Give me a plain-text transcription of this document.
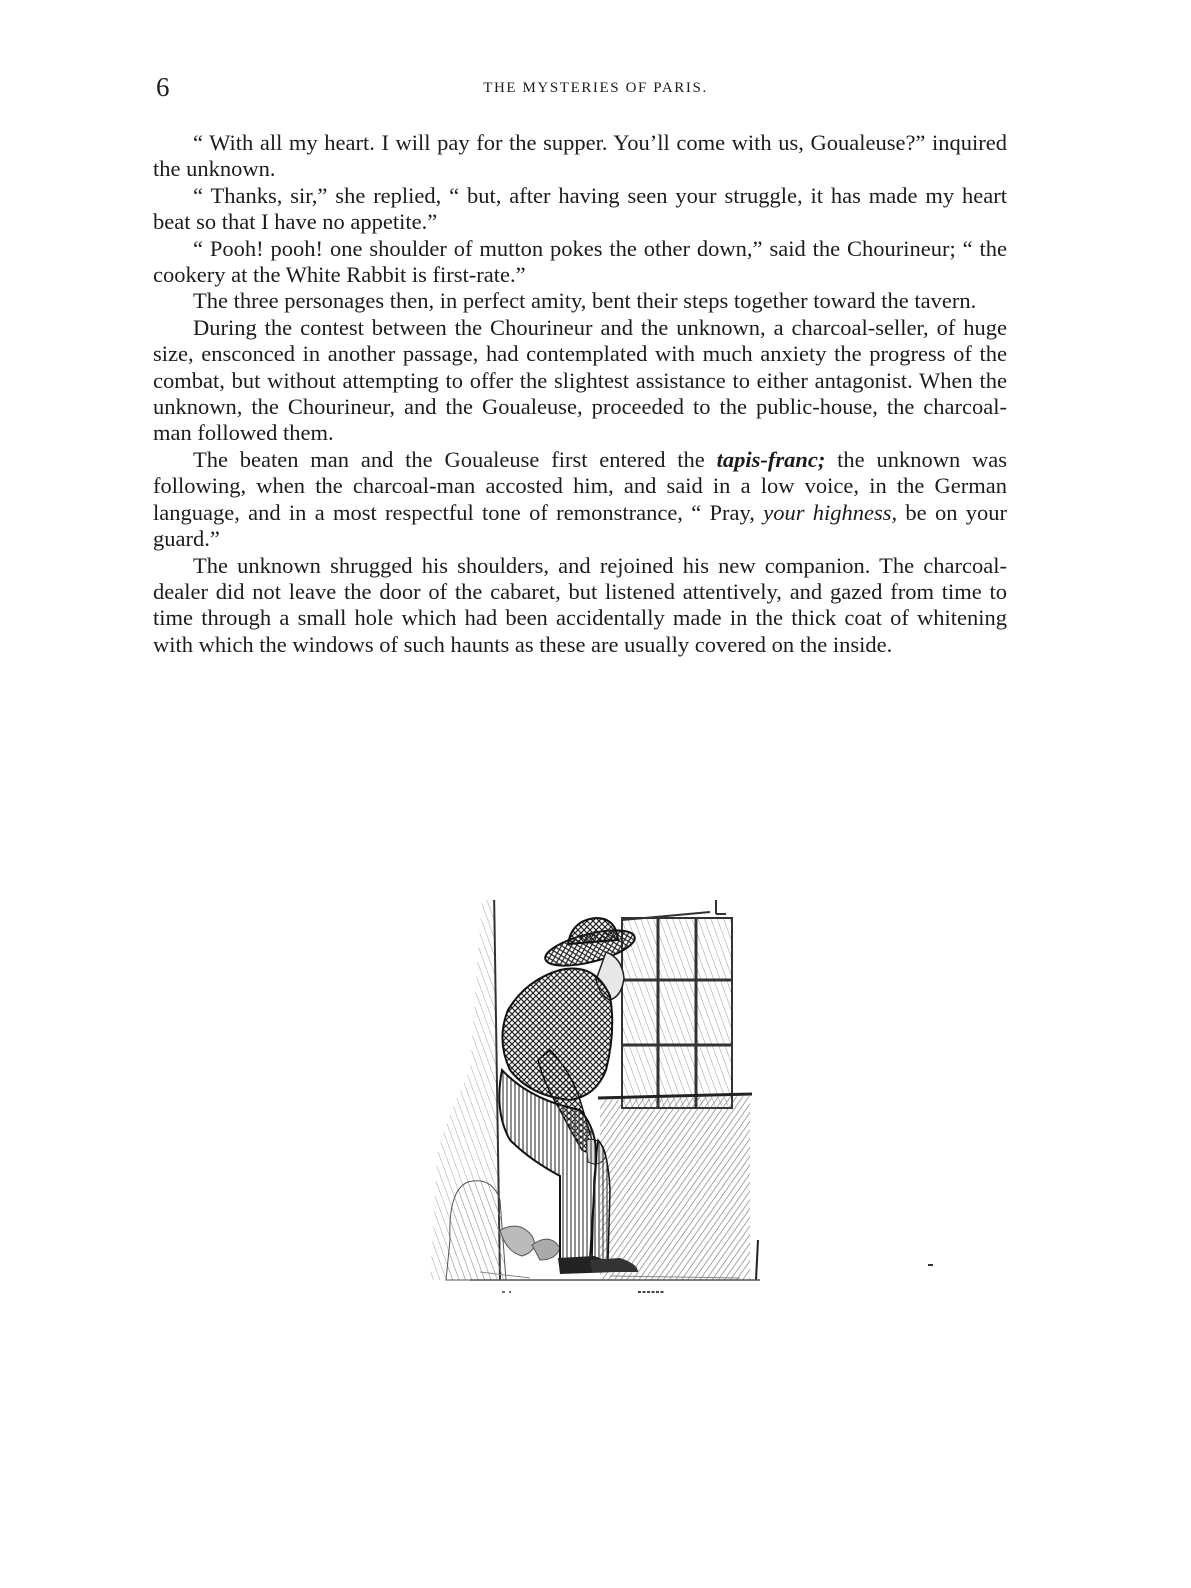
6	THE MYSTERIES OF PARIS.

“ With all my heart. I will pay for the supper. You’ll come with us, Goualeuse?” inquired the unknown.

“ Thanks, sir,” she replied, “ but, after having seen your struggle, it has made my heart beat so that I have no appetite.”

“ Pooh! pooh! one shoulder of mutton pokes the other down,” said the Chourineur; “ the cookery at the White Rabbit is first-rate.”

The three personages then, in perfect amity, bent their steps together toward the tavern.

During the contest between the Chourineur and the unknown, a charcoal-seller, of huge size, ensconced in another passage, had contemplated with much anxiety the progress of the combat, but without attempting to offer the slightest assistance to either antagonist. When the unknown, the Chourineur, and the Goualeuse, proceeded to the public-house, the charcoal-man followed them.

The beaten man and the Goualeuse first entered the tapis-franc; the unknown was following, when the charcoal-man accosted him, and said in a low voice, in the German language, and in a most respectful tone of remonstrance, “ Pray, your highness, be on your guard.”

The unknown shrugged his shoulders, and rejoined his new companion. The charcoal-dealer did not leave the door of the cabaret, but listened attentively, and gazed from time to time through a small hole which had been accidentally made in the thick coat of whitening with which the windows of such haunts as these are usually covered on the inside.
